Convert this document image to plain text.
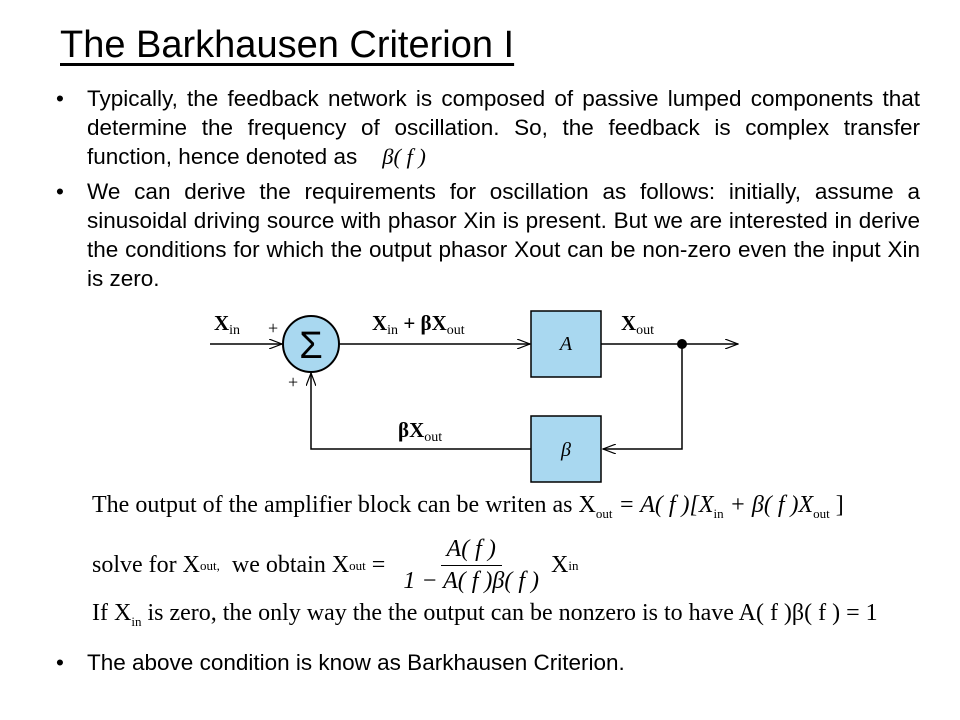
The Barkhausen Criterion I
• Typically, the feedback network is composed of passive lumped components that determine the frequency of oscillation. So, the feedback is complex transfer function, hence denoted as β( f )
• We can derive the requirements for oscillation as follows: initially, assume a sinusoidal driving source with phasor Xin is present. But we are interested in derive the conditions for which the output phasor Xout can be non-zero even the input Xin is zero.
Σ	A
β
Xin +
+
Xin + βXout	Xout
βXout
The output of the amplifier block can be writen as $X_{out} = A$( f )[$X_{in} + \beta$( f )$X_{out}$ ]
solve for X out, we obtain X out = $\frac{A( f )}{1 - A( f )\beta( f )}$ X in
If $X_{in}$ is zero, the only way the the output can be nonzero is to have A( f )β( f ) = 1
• The above condition is know as Barkhausen Criterion.
